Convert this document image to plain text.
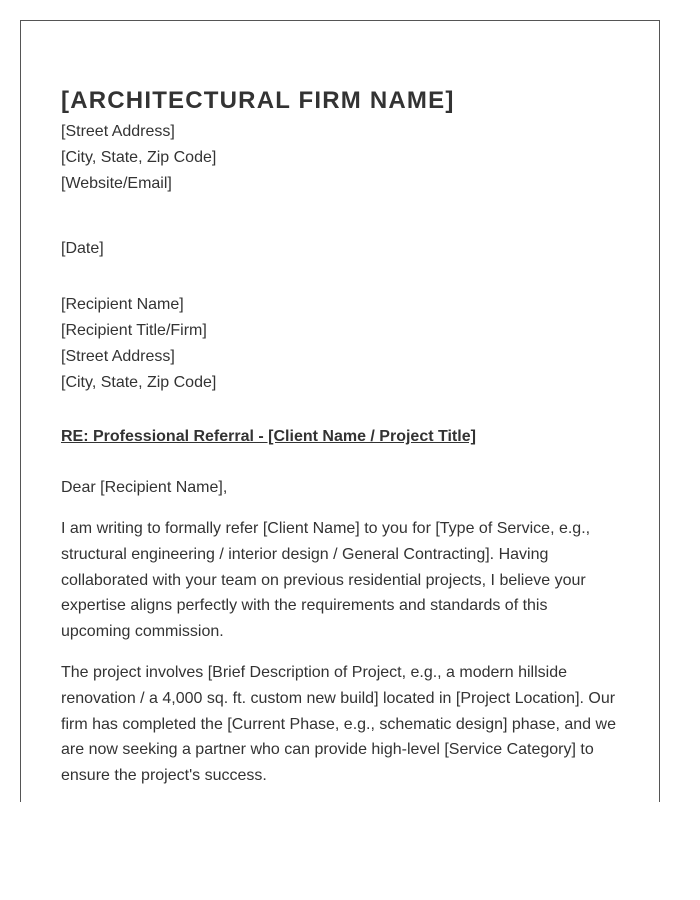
[ARCHITECTURAL FIRM NAME]
[Street Address]
[City, State, Zip Code]
[Website/Email]
[Date]
[Recipient Name]
[Recipient Title/Firm]
[Street Address]
[City, State, Zip Code]
RE: Professional Referral - [Client Name / Project Title]
Dear [Recipient Name],

I am writing to formally refer [Client Name] to you for [Type of Service, e.g.,
structural engineering / interior design / General Contracting]. Having
collaborated with your team on previous residential projects, I believe your
expertise aligns perfectly with the requirements and standards of this
upcoming commission.

The project involves [Brief Description of Project, e.g., a modern hillside
renovation / a 4,000 sq. ft. custom new build] located in [Project Location]. Our
firm has completed the [Current Phase, e.g., schematic design] phase, and we
are now seeking a partner who can provide high-level [Service Category] to
ensure the project's success.
